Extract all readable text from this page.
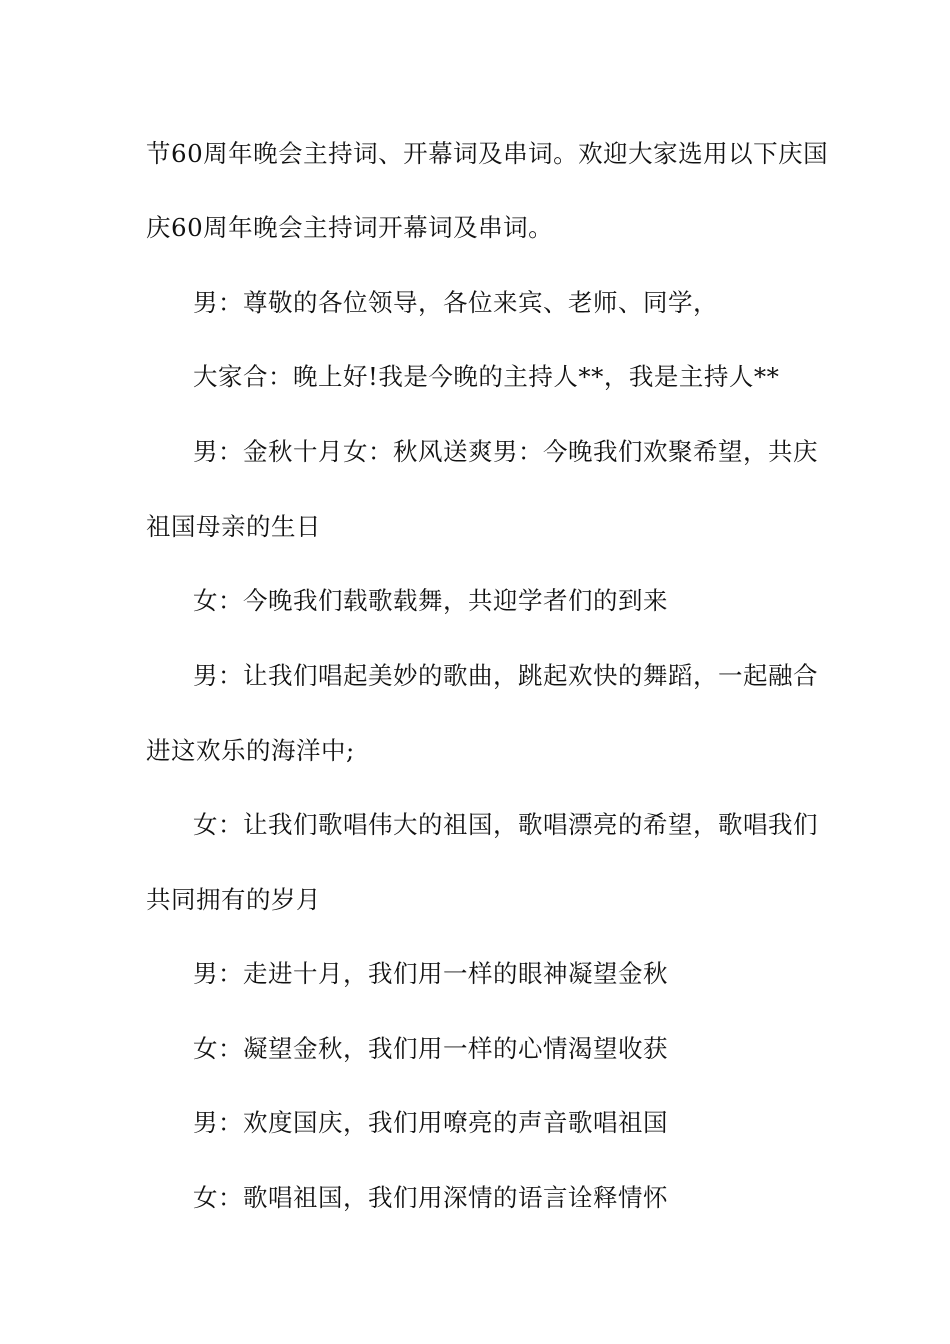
节60周年晚会主持词、开幕词及串词。欢迎大家选用以下庆国
庆60周年晚会主持词开幕词及串词。
男：尊敬的各位领导，各位来宾、老师、同学，
大家合：晚上好!我是今晚的主持人**，我是主持人**
男：金秋十月女：秋风送爽男：今晚我们欢聚希望，共庆
祖国母亲的生日
女：今晚我们载歌载舞，共迎学者们的到来
男：让我们唱起美妙的歌曲，跳起欢快的舞蹈，一起融合
进这欢乐的海洋中;
女：让我们歌唱伟大的祖国，歌唱漂亮的希望，歌唱我们
共同拥有的岁月
男：走进十月，我们用一样的眼神凝望金秋
女：凝望金秋，我们用一样的心情渴望收获
男：欢度国庆，我们用嘹亮的声音歌唱祖国
女：歌唱祖国，我们用深情的语言诠释情怀
